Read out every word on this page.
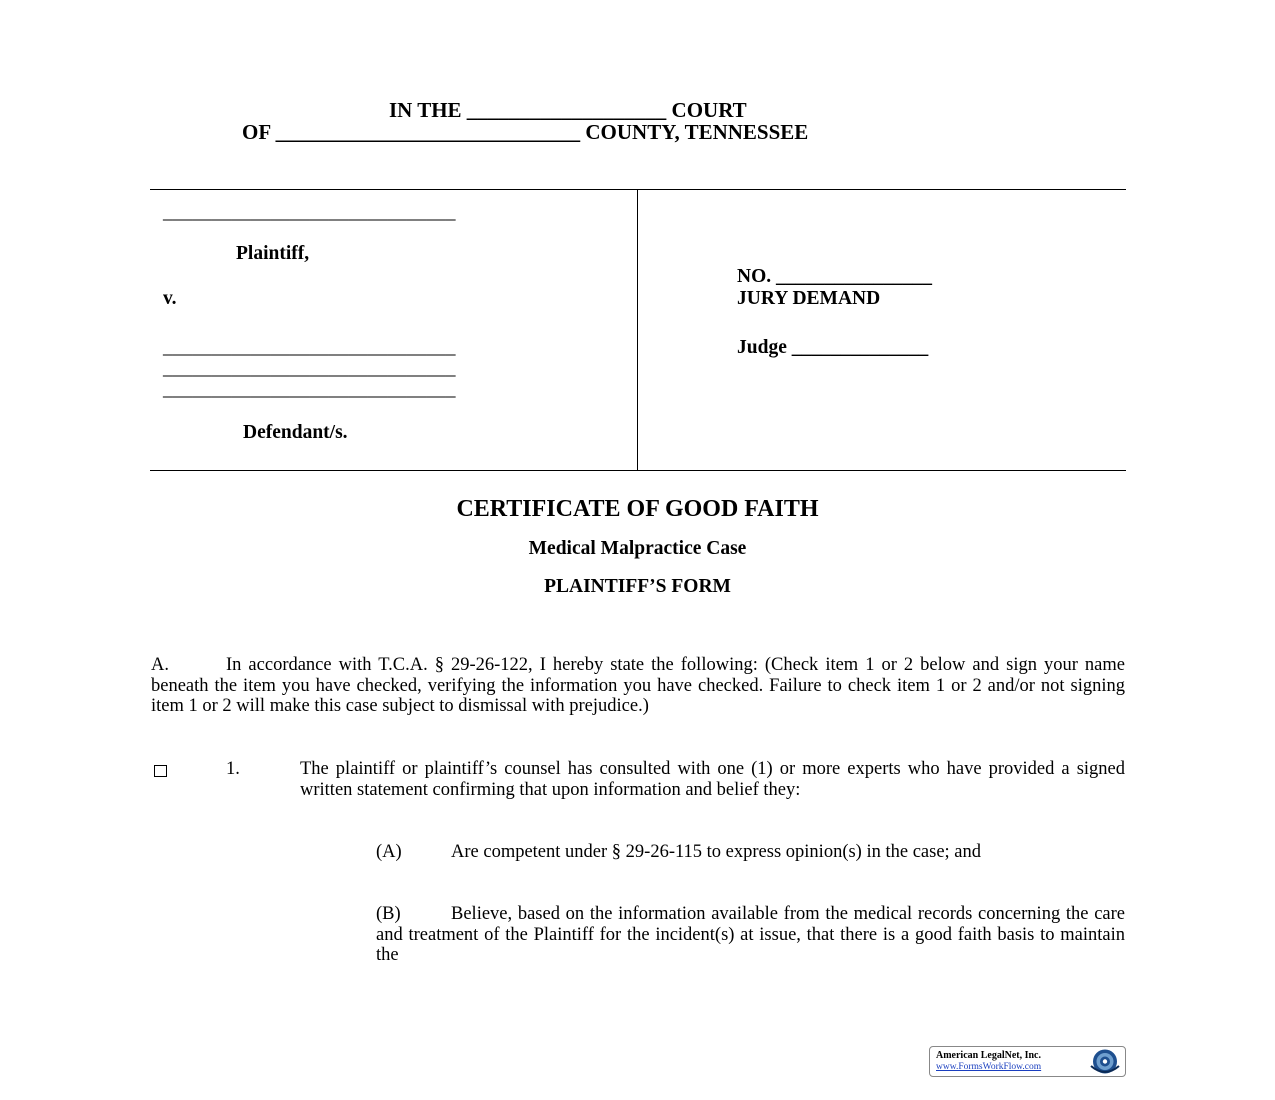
IN THE ___________________ COURT
OF _____________________________ COUNTY, TENNESSEE
______________________________
Plaintiff,
v.
______________________________
______________________________
______________________________
Defendant/s.
NO. ________________
JURY DEMAND
Judge ______________
CERTIFICATE OF GOOD FAITH
Medical Malpractice Case
PLAINTIFF’S FORM
A.	In accordance with T.C.A. § 29-26-122, I hereby state the following: (Check item 1 or 2 below and sign your name beneath the item you have checked, verifying the information you have checked. Failure to check item 1 or 2 and/or not signing item 1 or 2 will make this case subject to dismissal with prejudice.)
1.	The plaintiff or plaintiff’s counsel has consulted with one (1) or more experts who have provided a signed written statement confirming that upon information and belief they:
(A)	Are competent under § 29-26-115 to express opinion(s) in the case; and
(B)	Believe, based on the information available from the medical records concerning the care and treatment of the Plaintiff for the incident(s) at issue, that there is a good faith basis to maintain the
American LegalNet, Inc.
www.FormsWorkFlow.com
